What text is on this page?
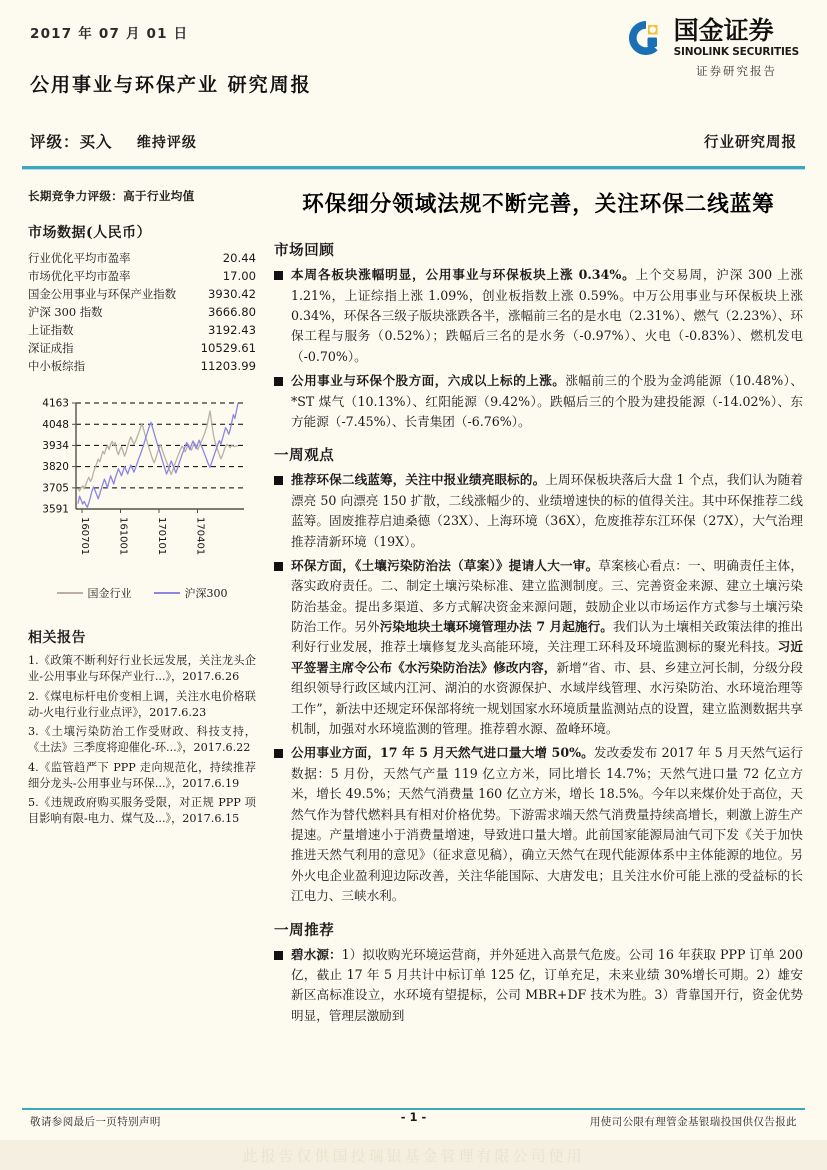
2017 年 07 月 01 日
公用事业与环保产业 研究周报
国金证券
SINOLINK SECURITIES
证券研究报告
评级：买入 维持评级	行业研究周报
长期竞争力评级：高于行业均值
市场数据(人民币）
行业优化平均市盈率	20.44
市场优化平均市盈率	17.00
国金公用事业与环保产业指数	3930.42
沪深 300 指数	3666.80
上证指数	3192.43
深证成指	10529.61
中小板综指	11203.99
3591
3705
3820
3934
4048
4163
160701	161001	170101	170401
国金行业	沪深300
相关报告
1.《政策不断利好行业长远发展，关注龙头企业-公用事业与环保产业行...》，2017.6.26
2.《煤电标杆电价变相上调，关注水电价格联动-火电行业行业点评》，2017.6.23
3.《土壤污染防治工作受财政、科技支持，《土法》三季度将迎催化-环...》，2017.6.22
4.《监管趋严下 PPP 走向规范化，持续推荐细分龙头-公用事业与环保...》，2017.6.19
5.《违规政府购买服务受限，对正规 PPP 项目影响有限-电力、煤气及...》，2017.6.15
环保细分领域法规不断完善，关注环保二线蓝筹
市场回顾
本周各板块涨幅明显，公用事业与环保板块上涨 0.34%。上个交易周，沪深 300 上涨 1.21%，上证综指上涨 1.09%，创业板指数上涨 0.59%。中万公用事业与环保板块上涨 0.34%，环保各三级子版块涨跌各半，涨幅前三名的是水电（2.31%）、燃气（2.23%）、环保工程与服务（0.52%）；跌幅后三名的是水务（-0.97%）、火电（-0.83%）、燃机发电（-0.70%）。
公用事业与环保个股方面，六成以上标的上涨。涨幅前三的个股为金鸿能源（10.48%）、*ST 煤气（10.13%）、红阳能源（9.42%）。跌幅后三的个股为建投能源（-14.02%）、东方能源（-7.45%）、长青集团（-6.76%）。
一周观点
推荐环保二线蓝筹，关注中报业绩亮眼标的。上周环保板块落后大盘 1 个点，我们认为随着漂亮 50 向漂亮 150 扩散，二线涨幅少的、业绩增速快的标的值得关注。其中环保推荐二线蓝筹。固废推荐启迪桑德（23X）、上海环境（36X），危废推荐东江环保（27X），大气治理推荐清新环境（19X）。
环保方面，《土壤污染防治法（草案）》提请人大一审。草案核心看点：一、明确责任主体，落实政府责任。二、制定土壤污染标准、建立监测制度。三、完善资金来源、建立土壤污染防治基金。提出多渠道、多方式解决资金来源问题，鼓励企业以市场运作方式参与土壤污染防治工作。另外污染地块土壤环境管理办法 7 月起施行。我们认为土壤相关政策法律的推出利好行业发展，推荐土壤修复龙头高能环境，关注理工环科及环境监测标的聚光科技。习近平签署主席令公布《水污染防治法》修改内容，新增“省、市、县、乡建立河长制，分级分段组织领导行政区域内江河、湖泊的水资源保护、水域岸线管理、水污染防治、水环境治理等工作”，新法中还规定环保部将统一规划国家水环境质量监测站点的设置，建立监测数据共享机制，加强对水环境监测的管理。推荐碧水源、盈峰环境。
公用事业方面，17 年 5 月天然气进口量大增 50%。发改委发布 2017 年 5 月天然气运行数据：5 月份，天然气产量 119 亿立方米，同比增长 14.7%；天然气进口量 72 亿立方米，增长 49.5%；天然气消费量 160 亿立方米，增长 18.5%。今年以来煤价处于高位，天然气作为替代燃料具有相对价格优势。下游需求端天然气消费量持续高增长，刺激上游生产提速。产量增速小于消费量增速，导致进口量大增。此前国家能源局油气司下发《关于加快推进天然气利用的意见》（征求意见稿），确立天然气在现代能源体系中主体能源的地位。另外火电企业盈利迎边际改善，关注华能国际、大唐发电；且关注水价可能上涨的受益标的长江电力、三峡水利。
一周推荐
碧水源：1）拟收购光环境运营商，并外延进入高景气危废。公司 16 年获取 PPP 订单 200 亿，截止 17 年 5 月共计中标订单 125 亿，订单充足，未来业绩 30%增长可期。2）雄安新区高标准设立，水环境有望提标，公司 MBR+DF 技术为胜。3）背靠国开行，资金优势明显，管理层激励到
敬请参阅最后一页特别声明	用使司公限有理管金基银瑞投国供仅告报此
- 1 -
此报告仅供国投瑞银基金管理有限公司使用
